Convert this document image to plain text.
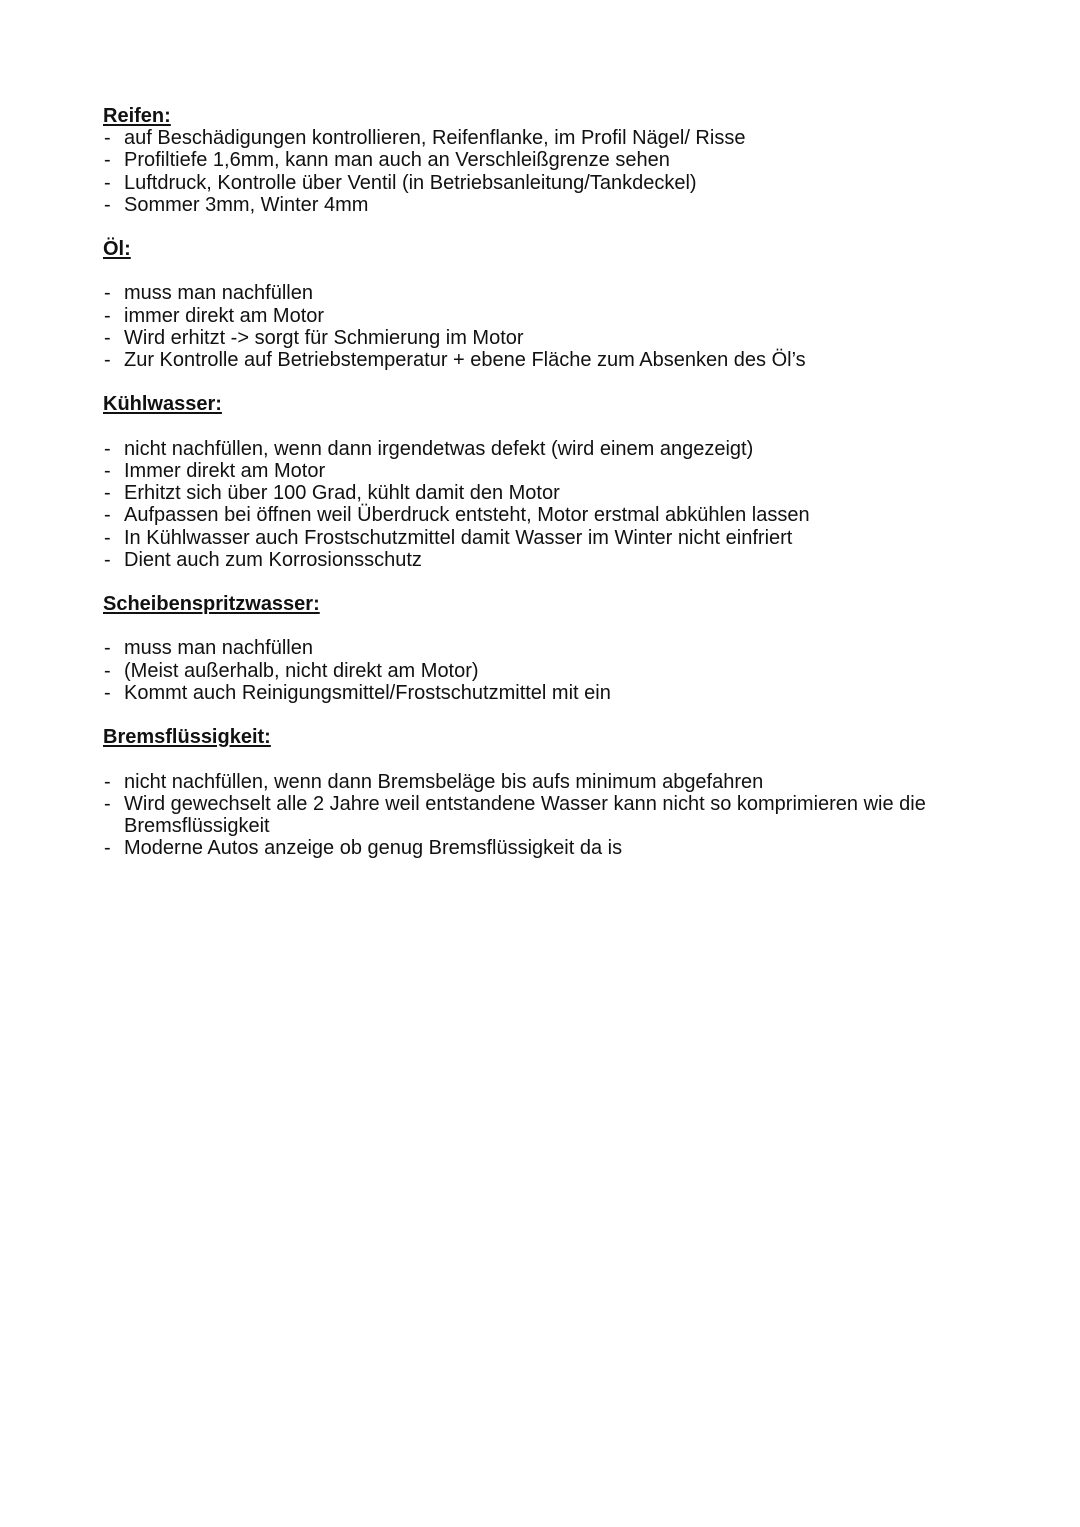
Reifen:

- auf Beschädigungen kontrollieren, Reifenflanke, im Profil Nägel/ Risse
- Profiltiefe 1,6mm, kann man auch an Verschleißgrenze sehen
- Luftdruck, Kontrolle über Ventil (in Betriebsanleitung/Tankdeckel)
- Sommer 3mm, Winter 4mm

Öl:

- muss man nachfüllen
- immer direkt am Motor
- Wird erhitzt -> sorgt für Schmierung im Motor
- Zur Kontrolle auf Betriebstemperatur + ebene Fläche zum Absenken des Öl’s

Kühlwasser:

- nicht nachfüllen, wenn dann irgendetwas defekt (wird einem angezeigt)
- Immer direkt am Motor
- Erhitzt sich über 100 Grad, kühlt damit den Motor
- Aufpassen bei öffnen weil Überdruck entsteht, Motor erstmal abkühlen lassen
- In Kühlwasser auch Frostschutzmittel damit Wasser im Winter nicht einfriert
- Dient auch zum Korrosionsschutz

Scheibenspritzwasser:

- muss man nachfüllen
- (Meist außerhalb, nicht direkt am Motor)
- Kommt auch Reinigungsmittel/Frostschutzmittel mit ein

Bremsflüssigkeit:

- nicht nachfüllen, wenn dann Bremsbeläge bis aufs minimum abgefahren
- Wird gewechselt alle 2 Jahre weil entstandene Wasser kann nicht so komprimieren wie die Bremsflüssigkeit
- Moderne Autos anzeige ob genug Bremsflüssigkeit da is
